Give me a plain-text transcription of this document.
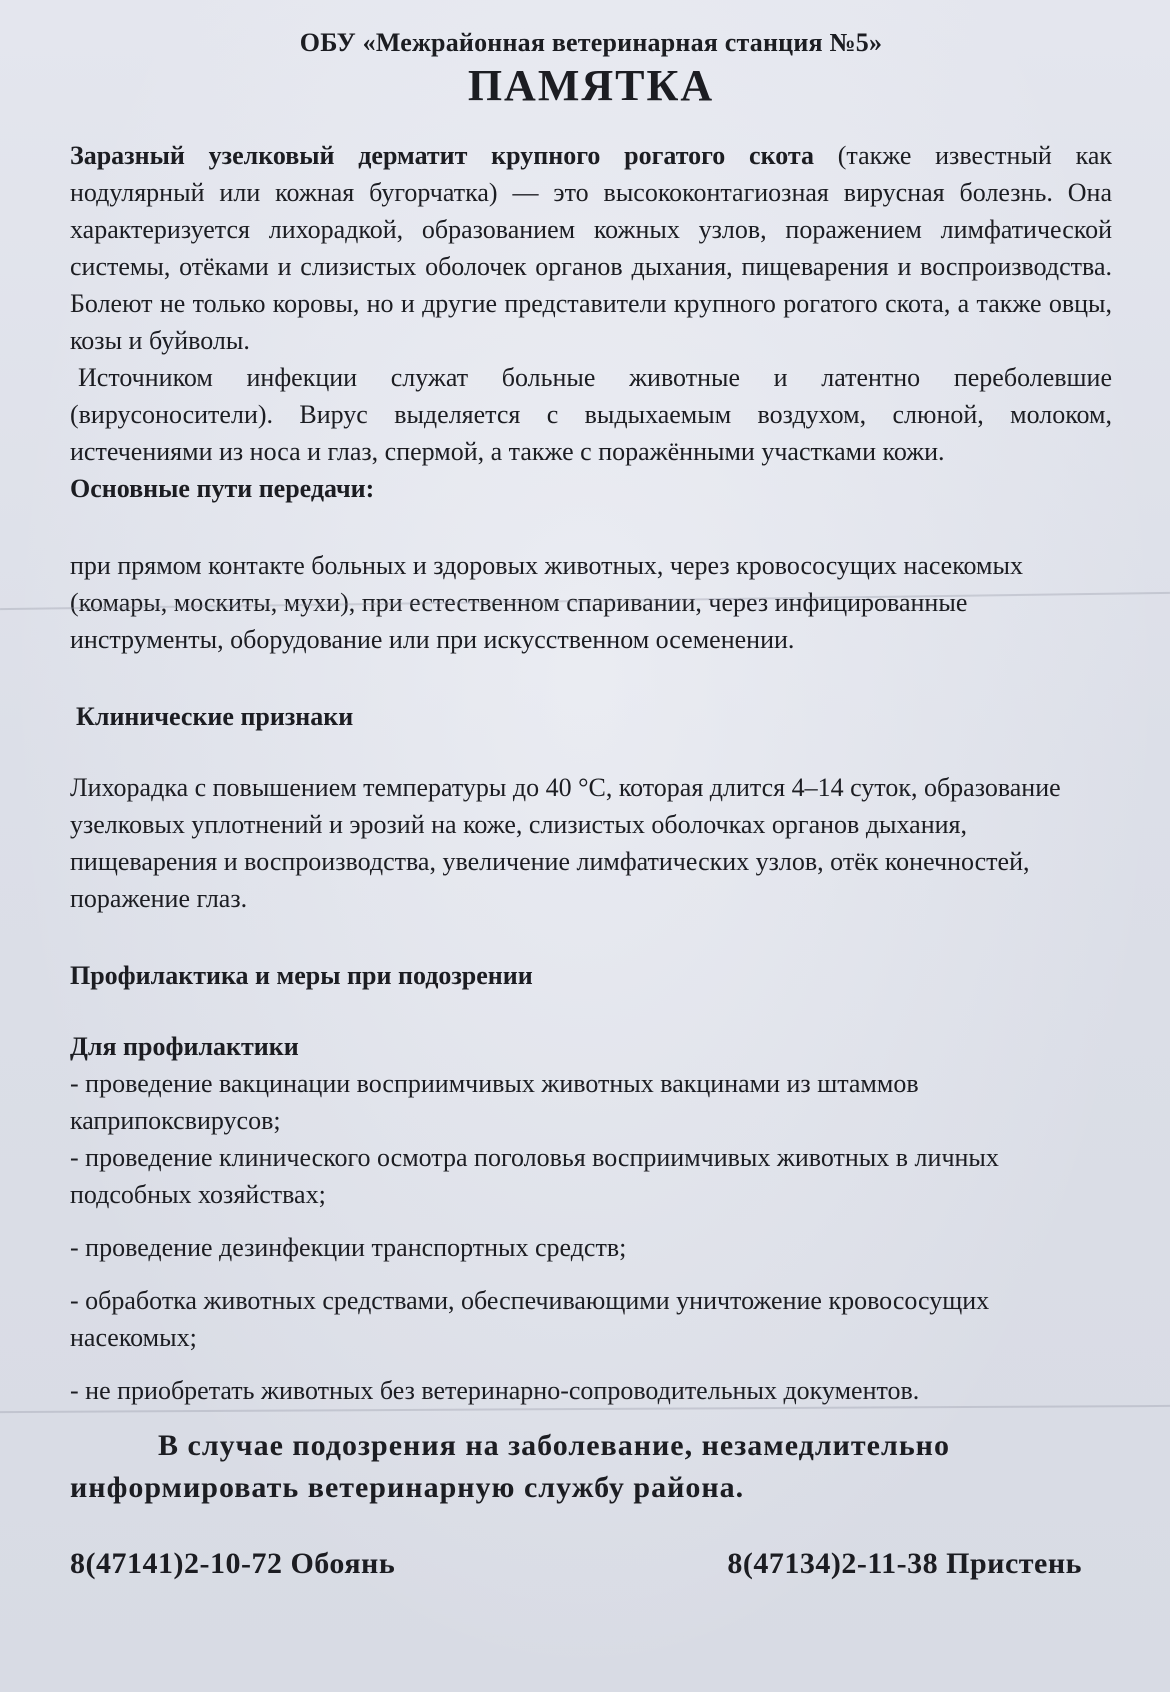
ОБУ «Межрайонная ветеринарная станция №5»
ПАМЯТКА

Заразный узелковый дерматит крупного рогатого скота (также известный как нодулярный или кожная бугорчатка) — это высококонтагиозная вирусная болезнь. Она характеризуется лихорадкой, образованием кожных узлов, поражением лимфатической системы, отёками и слизистых оболочек органов дыхания, пищеварения и воспроизводства. Болеют не только коровы, но и другие представители крупного рогатого скота, а также овцы, козы и буйволы.

Источником инфекции служат больные животные и латентно переболевшие (вирусоносители). Вирус выделяется с выдыхаемым воздухом, слюной, молоком, истечениями из носа и глаз, спермой, а также с поражёнными участками кожи.

Основные пути передачи:

при прямом контакте больных и здоровых животных, через кровососущих насекомых (комары, москиты, мухи), при естественном спаривании, через инфицированные инструменты, оборудование или при искусственном осеменении.

Клинические признаки

Лихорадка с повышением температуры до 40 °С, которая длится 4–14 суток, образование узелковых уплотнений и эрозий на коже, слизистых оболочках органов дыхания, пищеварения и воспроизводства, увеличение лимфатических узлов, отёк конечностей, поражение глаз.

Профилактика и меры при подозрении
Для профилактики
- проведение вакцинации восприимчивых животных вакцинами из штаммов каприпоксвирусов;
- проведение клинического осмотра поголовья восприимчивых животных в личных подсобных хозяйствах;
- проведение дезинфекции транспортных средств;
- обработка животных средствами, обеспечивающими уничтожение кровососущих насекомых;
- не приобретать животных без ветеринарно-сопроводительных документов.
В случае подозрения на заболевание, незамедлительно
информировать ветеринарную службу района.
8(47141)2-10-72 Обоянь	8(47134)2-11-38 Пристень
